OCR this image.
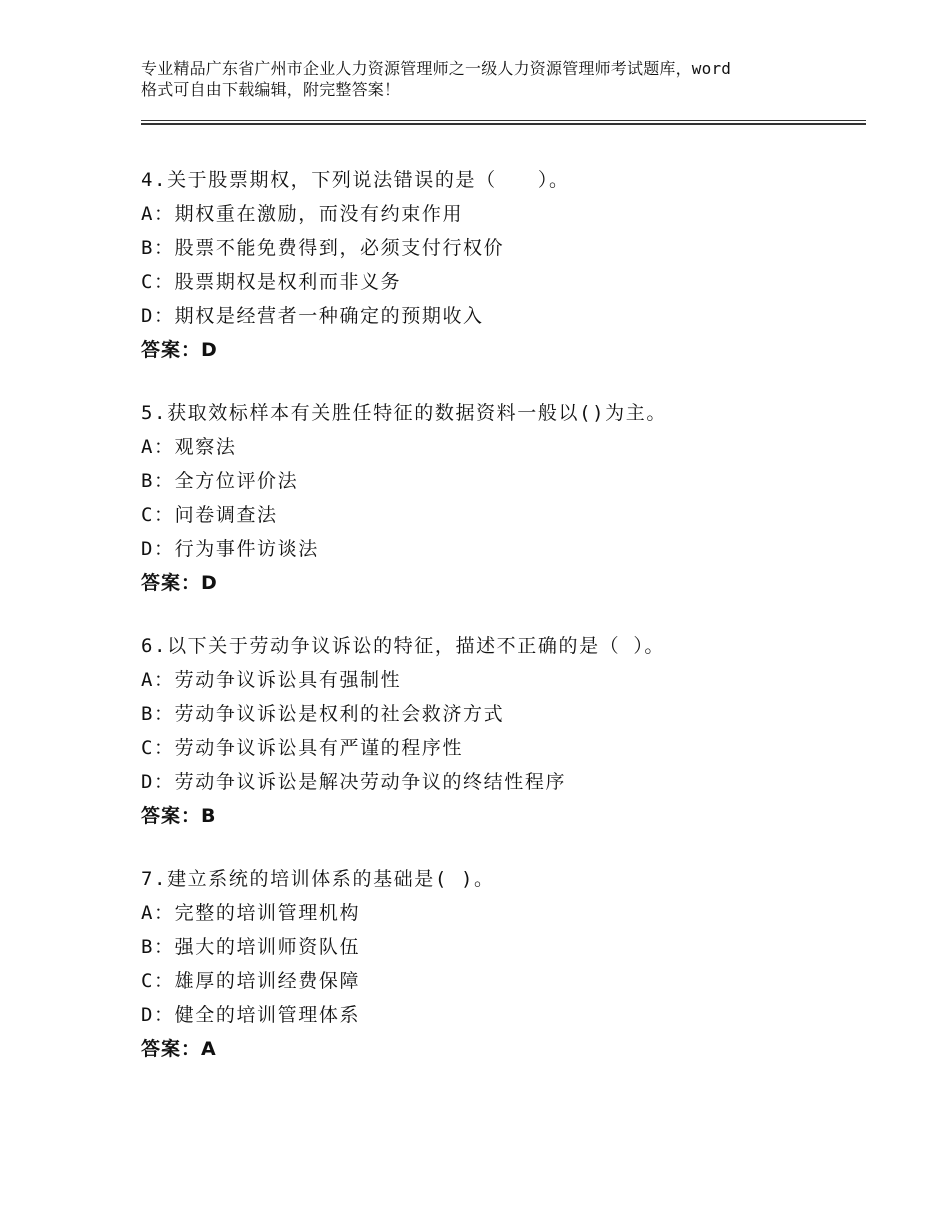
专业精品广东省广州市企业人力资源管理师之一级人力资源管理师考试题库，word
格式可自由下载编辑，附完整答案！
4.关于股票期权，下列说法错误的是（　　）。
A：期权重在激励，而没有约束作用
B：股票不能免费得到，必须支付行权价
C：股票期权是权利而非义务
D：期权是经营者一种确定的预期收入
答案：D
5.获取效标样本有关胜任特征的数据资料一般以()为主。
A：观察法
B：全方位评价法
C：问卷调查法
D：行为事件访谈法
答案：D
6.以下关于劳动争议诉讼的特征，描述不正确的是（ ）。
A：劳动争议诉讼具有强制性
B：劳动争议诉讼是权利的社会救济方式
C：劳动争议诉讼具有严谨的程序性
D：劳动争议诉讼是解决劳动争议的终结性程序
答案：B
7.建立系统的培训体系的基础是( )。
A：完整的培训管理机构
B：强大的培训师资队伍
C：雄厚的培训经费保障
D：健全的培训管理体系
答案：A
